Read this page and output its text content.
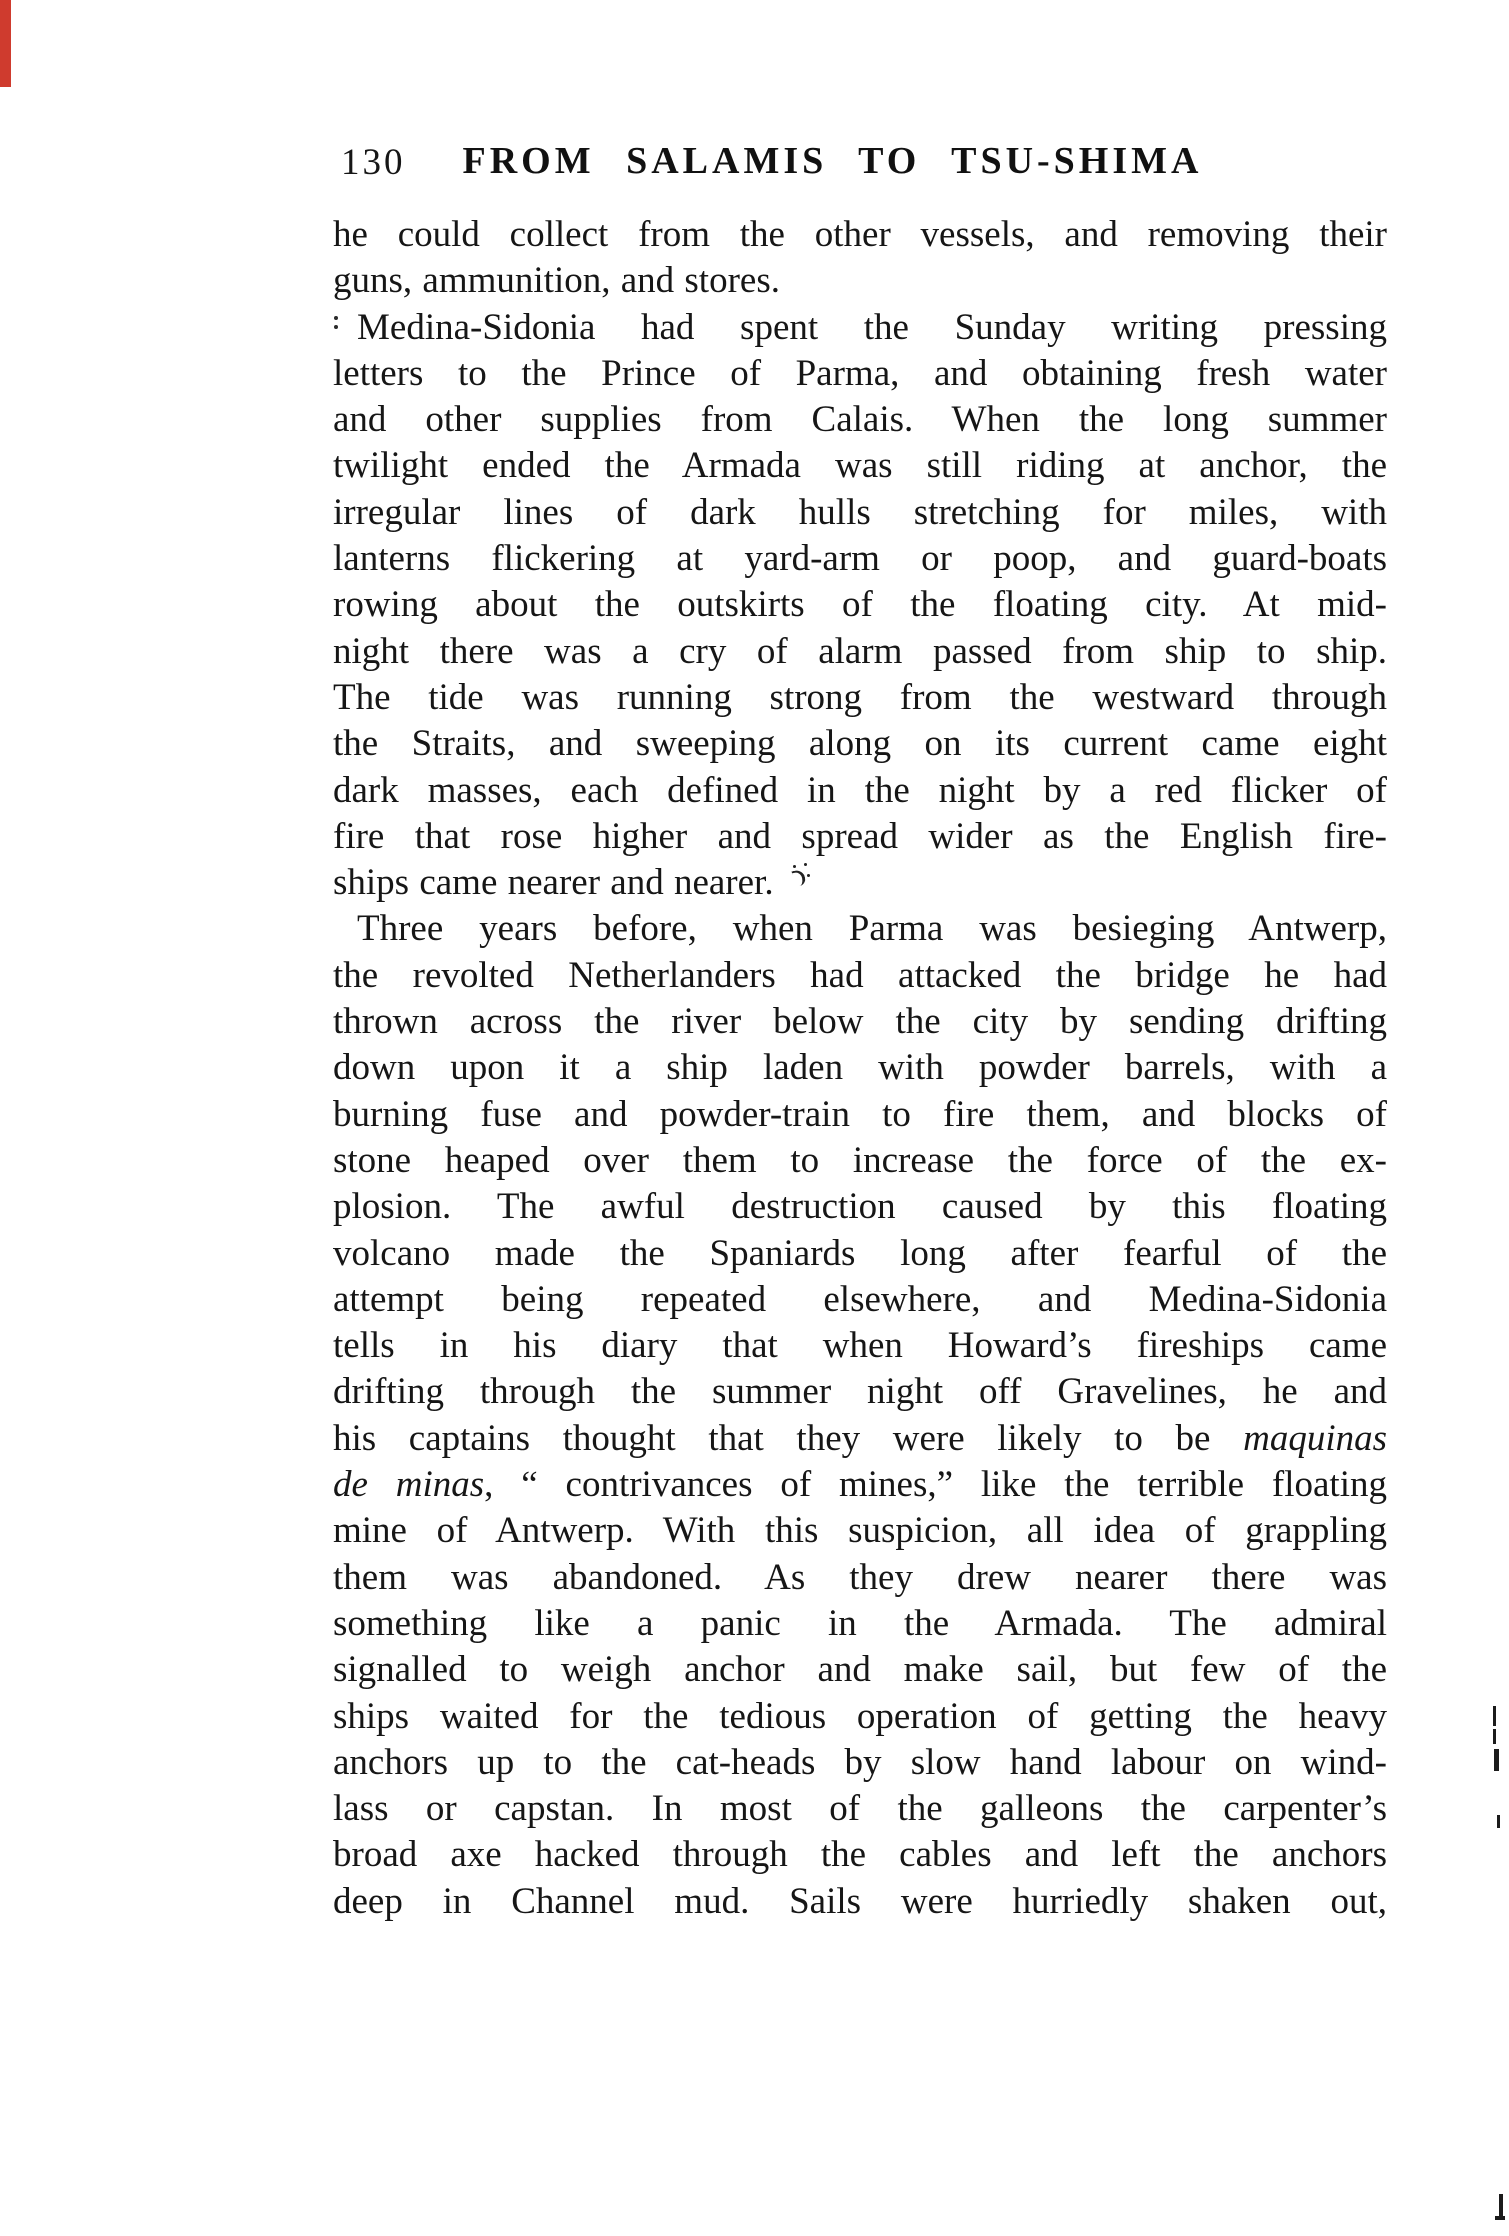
130 FROM SALAMIS TO TSU-SHIMA
he could collect from the other vessels, and removing their
guns, ammunition, and stores.
Medina-Sidonia had spent the Sunday writing pressing
letters to the Prince of Parma, and obtaining fresh water
and other supplies from Calais. When the long summer
twilight ended the Armada was still riding at anchor, the
irregular lines of dark hulls stretching for miles, with
lanterns flickering at yard-arm or poop, and guard-boats
rowing about the outskirts of the floating city. At mid-
night there was a cry of alarm passed from ship to ship.
The tide was running strong from the westward through
the Straits, and sweeping along on its current came eight
dark masses, each defined in the night by a red flicker of
fire that rose higher and spread wider as the English fire-
ships came nearer and nearer.
Three years before, when Parma was besieging Antwerp,
the revolted Netherlanders had attacked the bridge he had
thrown across the river below the city by sending drifting
down upon it a ship laden with powder barrels, with a
burning fuse and powder-train to fire them, and blocks of
stone heaped over them to increase the force of the ex-
plosion. The awful destruction caused by this floating
volcano made the Spaniards long after fearful of the
attempt being repeated elsewhere, and Medina-Sidonia
tells in his diary that when Howard’s fireships came
drifting through the summer night off Gravelines, he and
his captains thought that they were likely to be maquinas
de minas, “ contrivances of mines,” like the terrible floating
mine of Antwerp. With this suspicion, all idea of grappling
them was abandoned. As they drew nearer there was
something like a panic in the Armada. The admiral
signalled to weigh anchor and make sail, but few of the
ships waited for the tedious operation of getting the heavy
anchors up to the cat-heads by slow hand labour on wind-
lass or capstan. In most of the galleons the carpenter’s
broad axe hacked through the cables and left the anchors
deep in Channel mud. Sails were hurriedly shaken out,
